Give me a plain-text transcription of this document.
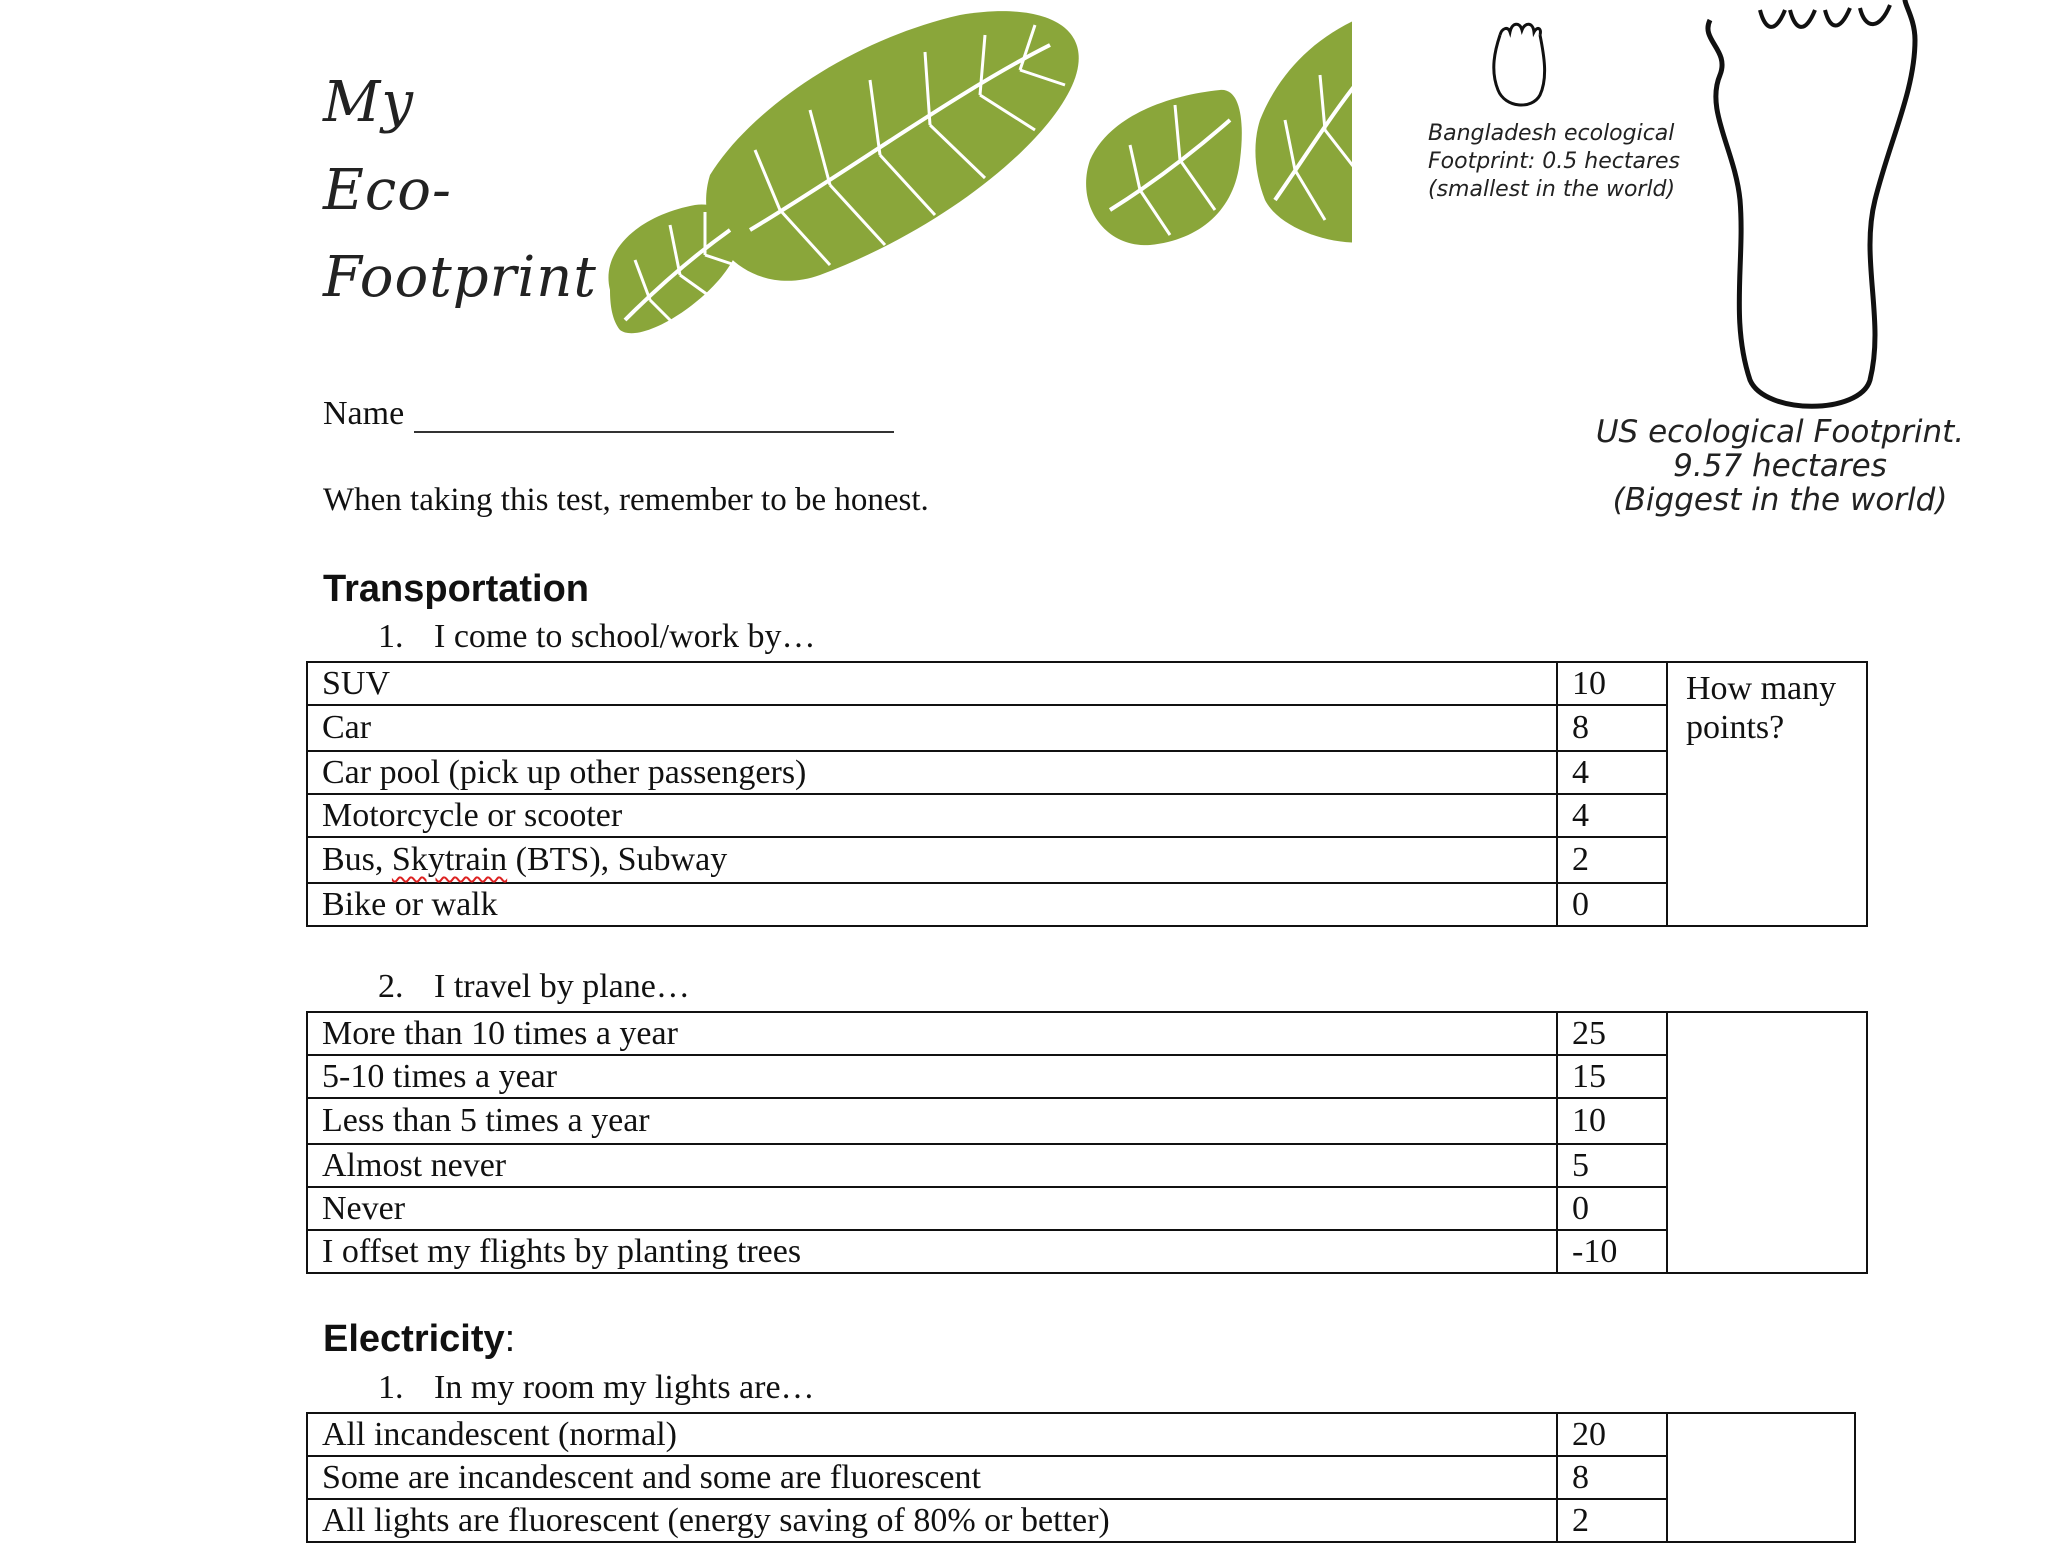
My
Eco-
Footprint
Bangladesh ecological
Footprint: 0.5 hectares
(smallest in the world)
US ecological Footprint.
9.57 hectares
(Biggest in the world)
Name
When taking this test, remember to be honest.
Transportation
1. I come to school/work by…
SUV	10	How many points?
Car	8	
Car pool (pick up other passengers)	4	
Motorcycle or scooter	4	
Bus, Skytrain (BTS), Subway	2	
Bike or walk	0	
2. I travel by plane…
More than 10 times a year	25	
5-10 times a year	15	
Less than 5 times a year	10	
Almost never	5	
Never	0	
I offset my flights by planting trees	-10	
Electricity:
1. In my room my lights are…
All incandescent (normal)	20	
Some are incandescent and some are fluorescent	8	
All lights are fluorescent (energy saving of 80% or better)	2	
